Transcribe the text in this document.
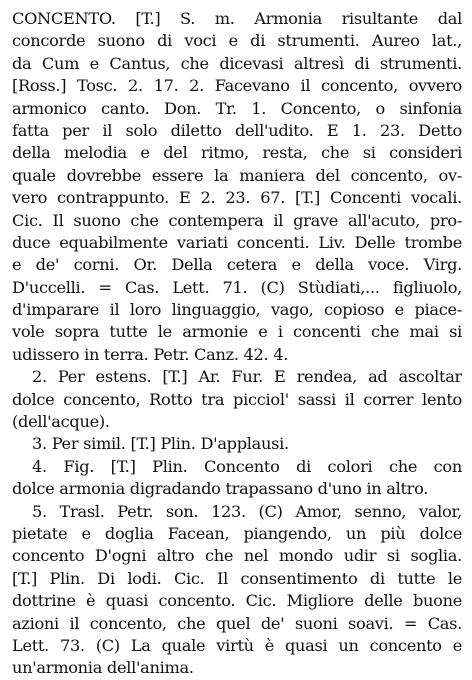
CONCENTO. [T.] S. m. Armonia risultante dal
concorde suono di voci e di strumenti. Aureo lat.,
da Cum e Cantus, che dicevasi altresì di strumenti.
[Ross.] Tosc. 2. 17. 2. Facevano il concento, ovvero
armonico canto. Don. Tr. 1. Concento, o sinfonia
fatta per il solo diletto dell'udito. E 1. 23. Detto
della melodia e del ritmo, resta, che si consideri
quale dovrebbe essere la maniera del concento, ov-
vero contrappunto. E 2. 23. 67. [T.] Concenti vocali.
Cic. Il suono che contempera il grave all'acuto, pro-
duce equabilmente variati concenti. Liv. Delle trombe
e de' corni. Or. Della cetera e della voce. Virg.
D'uccelli. = Cas. Lett. 71. (C) Stùdiati,... figliuolo,
d'imparare il loro linguaggio, vago, copioso e piace-
vole sopra tutte le armonie e i concenti che mai si
udissero in terra. Petr. Canz. 42. 4.
2. Per estens. [T.] Ar. Fur. E rendea, ad ascoltar
dolce concento, Rotto tra picciol' sassi il correr lento
(dell'acque).
3. Per simil. [T.] Plin. D'applausi.
4. Fig. [T.] Plin. Concento di colori che con
dolce armonia digradando trapassano d'uno in altro.
5. Trasl. Petr. son. 123. (C) Amor, senno, valor,
pietate e doglia Facean, piangendo, un più dolce
concento D'ogni altro che nel mondo udir si soglia.
[T.] Plin. Di lodi. Cic. Il consentimento di tutte le
dottrine è quasi concento. Cic. Migliore delle buone
azioni il concento, che quel de' suoni soavi. = Cas.
Lett. 73. (C) La quale virtù è quasi un concento e
un'armonia dell'anima.
